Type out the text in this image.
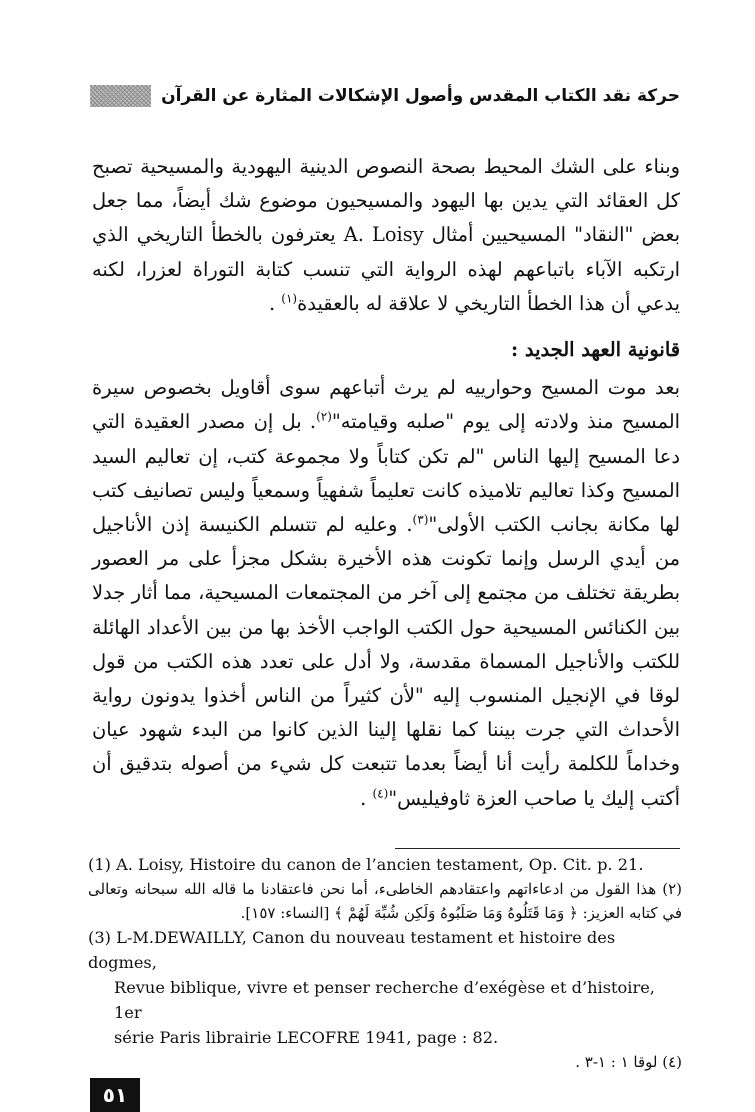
حركة نقد الكتاب المقدس وأصول الإشكالات المثارة عن القرآن

وبناء على الشك المحيط بصحة النصوص الدينية اليهودية والمسيحية تصبح كل العقائد التي يدين بها اليهود والمسيحيون موضوع شك أيضاً، مما جعل بعض "النقاد" المسيحيين أمثال A. Loisy يعترفون بالخطأ التاريخي الذي ارتكبه الآباء باتباعهم لهذه الرواية التي تنسب كتابة التوراة لعزرا، لكنه يدعي أن هذا الخطأ التاريخي لا علاقة له بالعقيدة$^{(١)}$ .

قانونية العهد الجديد :

بعد موت المسيح وحوارييه لم يرث أتباعهم سوى أقاويل بخصوص سيرة المسيح منذ ولادته إلى يوم "صلبه وقيامته"$^{(٢)}$. بل إن مصدر العقيدة التي دعا المسيح إليها الناس "لم تكن كتاباً ولا مجموعة كتب، إن تعاليم السيد المسيح وكذا تعاليم تلاميذه كانت تعليماً شفهياً وسمعياً وليس تصانيف كتب لها مكانة بجانب الكتب الأولى"$^{(٣)}$. وعليه لم تتسلم الكنيسة إذن الأناجيل من أيدي الرسل وإنما تكونت هذه الأخيرة بشكل مجزأ على مر العصور بطريقة تختلف من مجتمع إلى آخر من المجتمعات المسيحية، مما أثار جدلا بين الكنائس المسيحية حول الكتب الواجب الأخذ بها من بين الأعداد الهائلة للكتب والأناجيل المسماة مقدسة، ولا أدل على تعدد هذه الكتب من قول لوقا في الإنجيل المنسوب إليه "لأن كثيراً من الناس أخذوا يدونون رواية الأحداث التي جرت بيننا كما نقلها إلينا الذين كانوا من البدء شهود عيان وخداماً للكلمة رأيت أنا أيضاً بعدما تتبعت كل شيء من أصوله بتدقيق أن أكتب إليك يا صاحب العزة ثاوفيليس"$^{(٤)}$ .

(1) A. Loisy, Histoire du canon de l’ancien testament, Op. Cit. p. 21.

(٢) هذا القول من ادعاءاتهم واعتقادهم الخاطىء، أما نحن فاعتقادنا ما قاله الله سبحانه وتعالى في كتابه العزيز: ﴿ وَمَا قَتَلُوهُ وَمَا صَلَبُوهُ وَلَكِن شُبِّهَ لَهُمْ ﴾ [النساء: ١٥٧].

(3) L-M.DEWAILLY, Canon du nouveau testament et histoire des dogmes,

Revue biblique, vivre et penser recherche d’exégèse et d’histoire, 1er

série Paris librairie LECOFRE 1941, page : 82.

(٤) لوقا ١ : ١-٣ .

٥١
